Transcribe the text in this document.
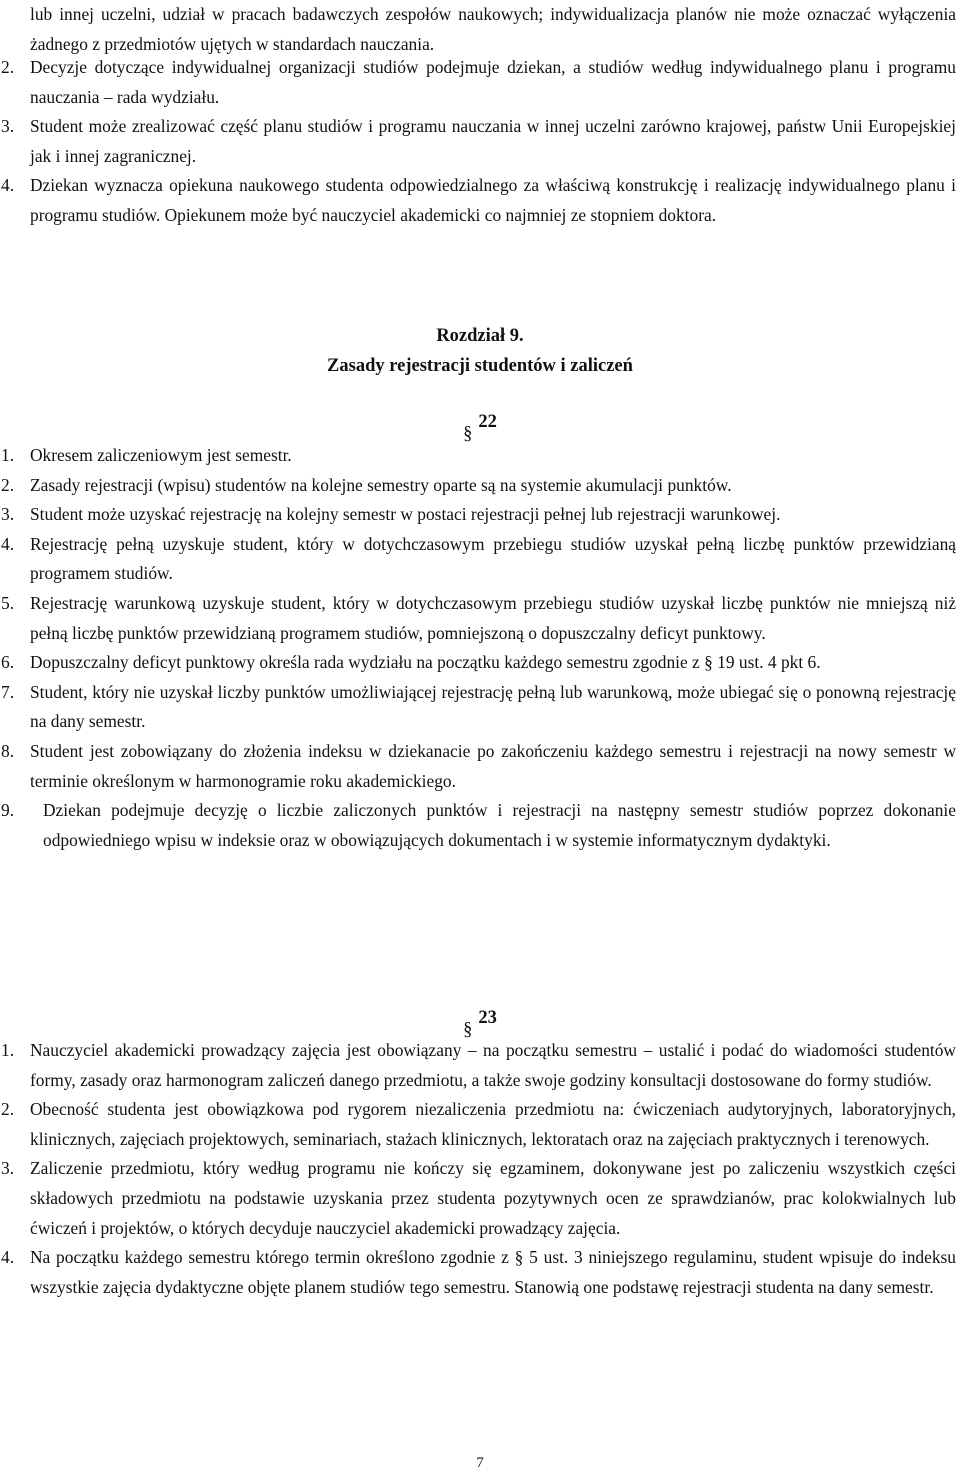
lub innej uczelni, udział w pracach badawczych zespołów naukowych; indywidualizacja planów nie może oznaczać wyłączenia żadnego z przedmiotów ujętych w standardach nauczania.
2. Decyzje dotyczące indywidualnej organizacji studiów podejmuje dziekan, a studiów według indywidualnego planu i programu nauczania – rada wydziału.
3. Student może zrealizować część planu studiów i programu nauczania w innej uczelni zarówno krajowej, państw Unii Europejskiej jak i innej zagranicznej.
4. Dziekan wyznacza opiekuna naukowego studenta odpowiedzialnego za właściwą konstrukcję i realizację indywidualnego planu i programu studiów. Opiekunem może być nauczyciel akademicki co najmniej ze stopniem doktora.
Rozdział 9.
Zasady rejestracji studentów i zaliczeń
§22
1. Okresem zaliczeniowym jest semestr.
2. Zasady rejestracji (wpisu) studentów na kolejne semestry oparte są na systemie akumulacji punktów.
3. Student może uzyskać rejestrację na kolejny semestr w postaci rejestracji pełnej lub rejestracji warunkowej.
4. Rejestrację pełną uzyskuje student, który w dotychczasowym przebiegu studiów uzyskał pełną liczbę punktów przewidzianą programem studiów.
5. Rejestrację warunkową uzyskuje student, który w dotychczasowym przebiegu studiów uzyskał liczbę punktów nie mniejszą niż pełną liczbę punktów przewidzianą programem studiów, pomniejszoną o dopuszczalny deficyt punktowy.
6. Dopuszczalny deficyt punktowy określa rada wydziału na początku każdego semestru zgodnie z § 19 ust. 4 pkt 6.
7. Student, który nie uzyskał liczby punktów umożliwiającej rejestrację pełną lub warunkową, może ubiegać się o ponowną rejestrację na dany semestr.
8. Student jest zobowiązany do złożenia indeksu w dziekanacie po zakończeniu każdego semestru i rejestracji na nowy semestr w terminie określonym w harmonogramie roku akademickiego.
9. Dziekan podejmuje decyzję o liczbie zaliczonych punktów i rejestracji na następny semestr studiów poprzez dokonanie odpowiedniego wpisu w indeksie oraz w obowiązujących dokumentach i w systemie informatycznym dydaktyki.
§23
1. Nauczyciel akademicki prowadzący zajęcia jest obowiązany – na początku semestru – ustalić i podać do wiadomości studentów formy, zasady oraz harmonogram zaliczeń danego przedmiotu, a także swoje godziny konsultacji dostosowane do formy studiów.
2. Obecność studenta jest obowiązkowa pod rygorem niezaliczenia przedmiotu na: ćwiczeniach audytoryjnych, laboratoryjnych, klinicznych, zajęciach projektowych, seminariach, stażach klinicznych, lektoratach oraz na zajęciach praktycznych i terenowych.
3. Zaliczenie przedmiotu, który według programu nie kończy się egzaminem, dokonywane jest po zaliczeniu wszystkich części składowych przedmiotu na podstawie uzyskania przez studenta pozytywnych ocen ze sprawdzianów, prac kolokwialnych lub ćwiczeń i projektów, o których decyduje nauczyciel akademicki prowadzący zajęcia.
4. Na początku każdego semestru którego termin określono zgodnie z § 5 ust. 3 niniejszego regulaminu, student wpisuje do indeksu wszystkie zajęcia dydaktyczne objęte planem studiów tego semestru. Stanowią one podstawę rejestracji studenta na dany semestr.
7
